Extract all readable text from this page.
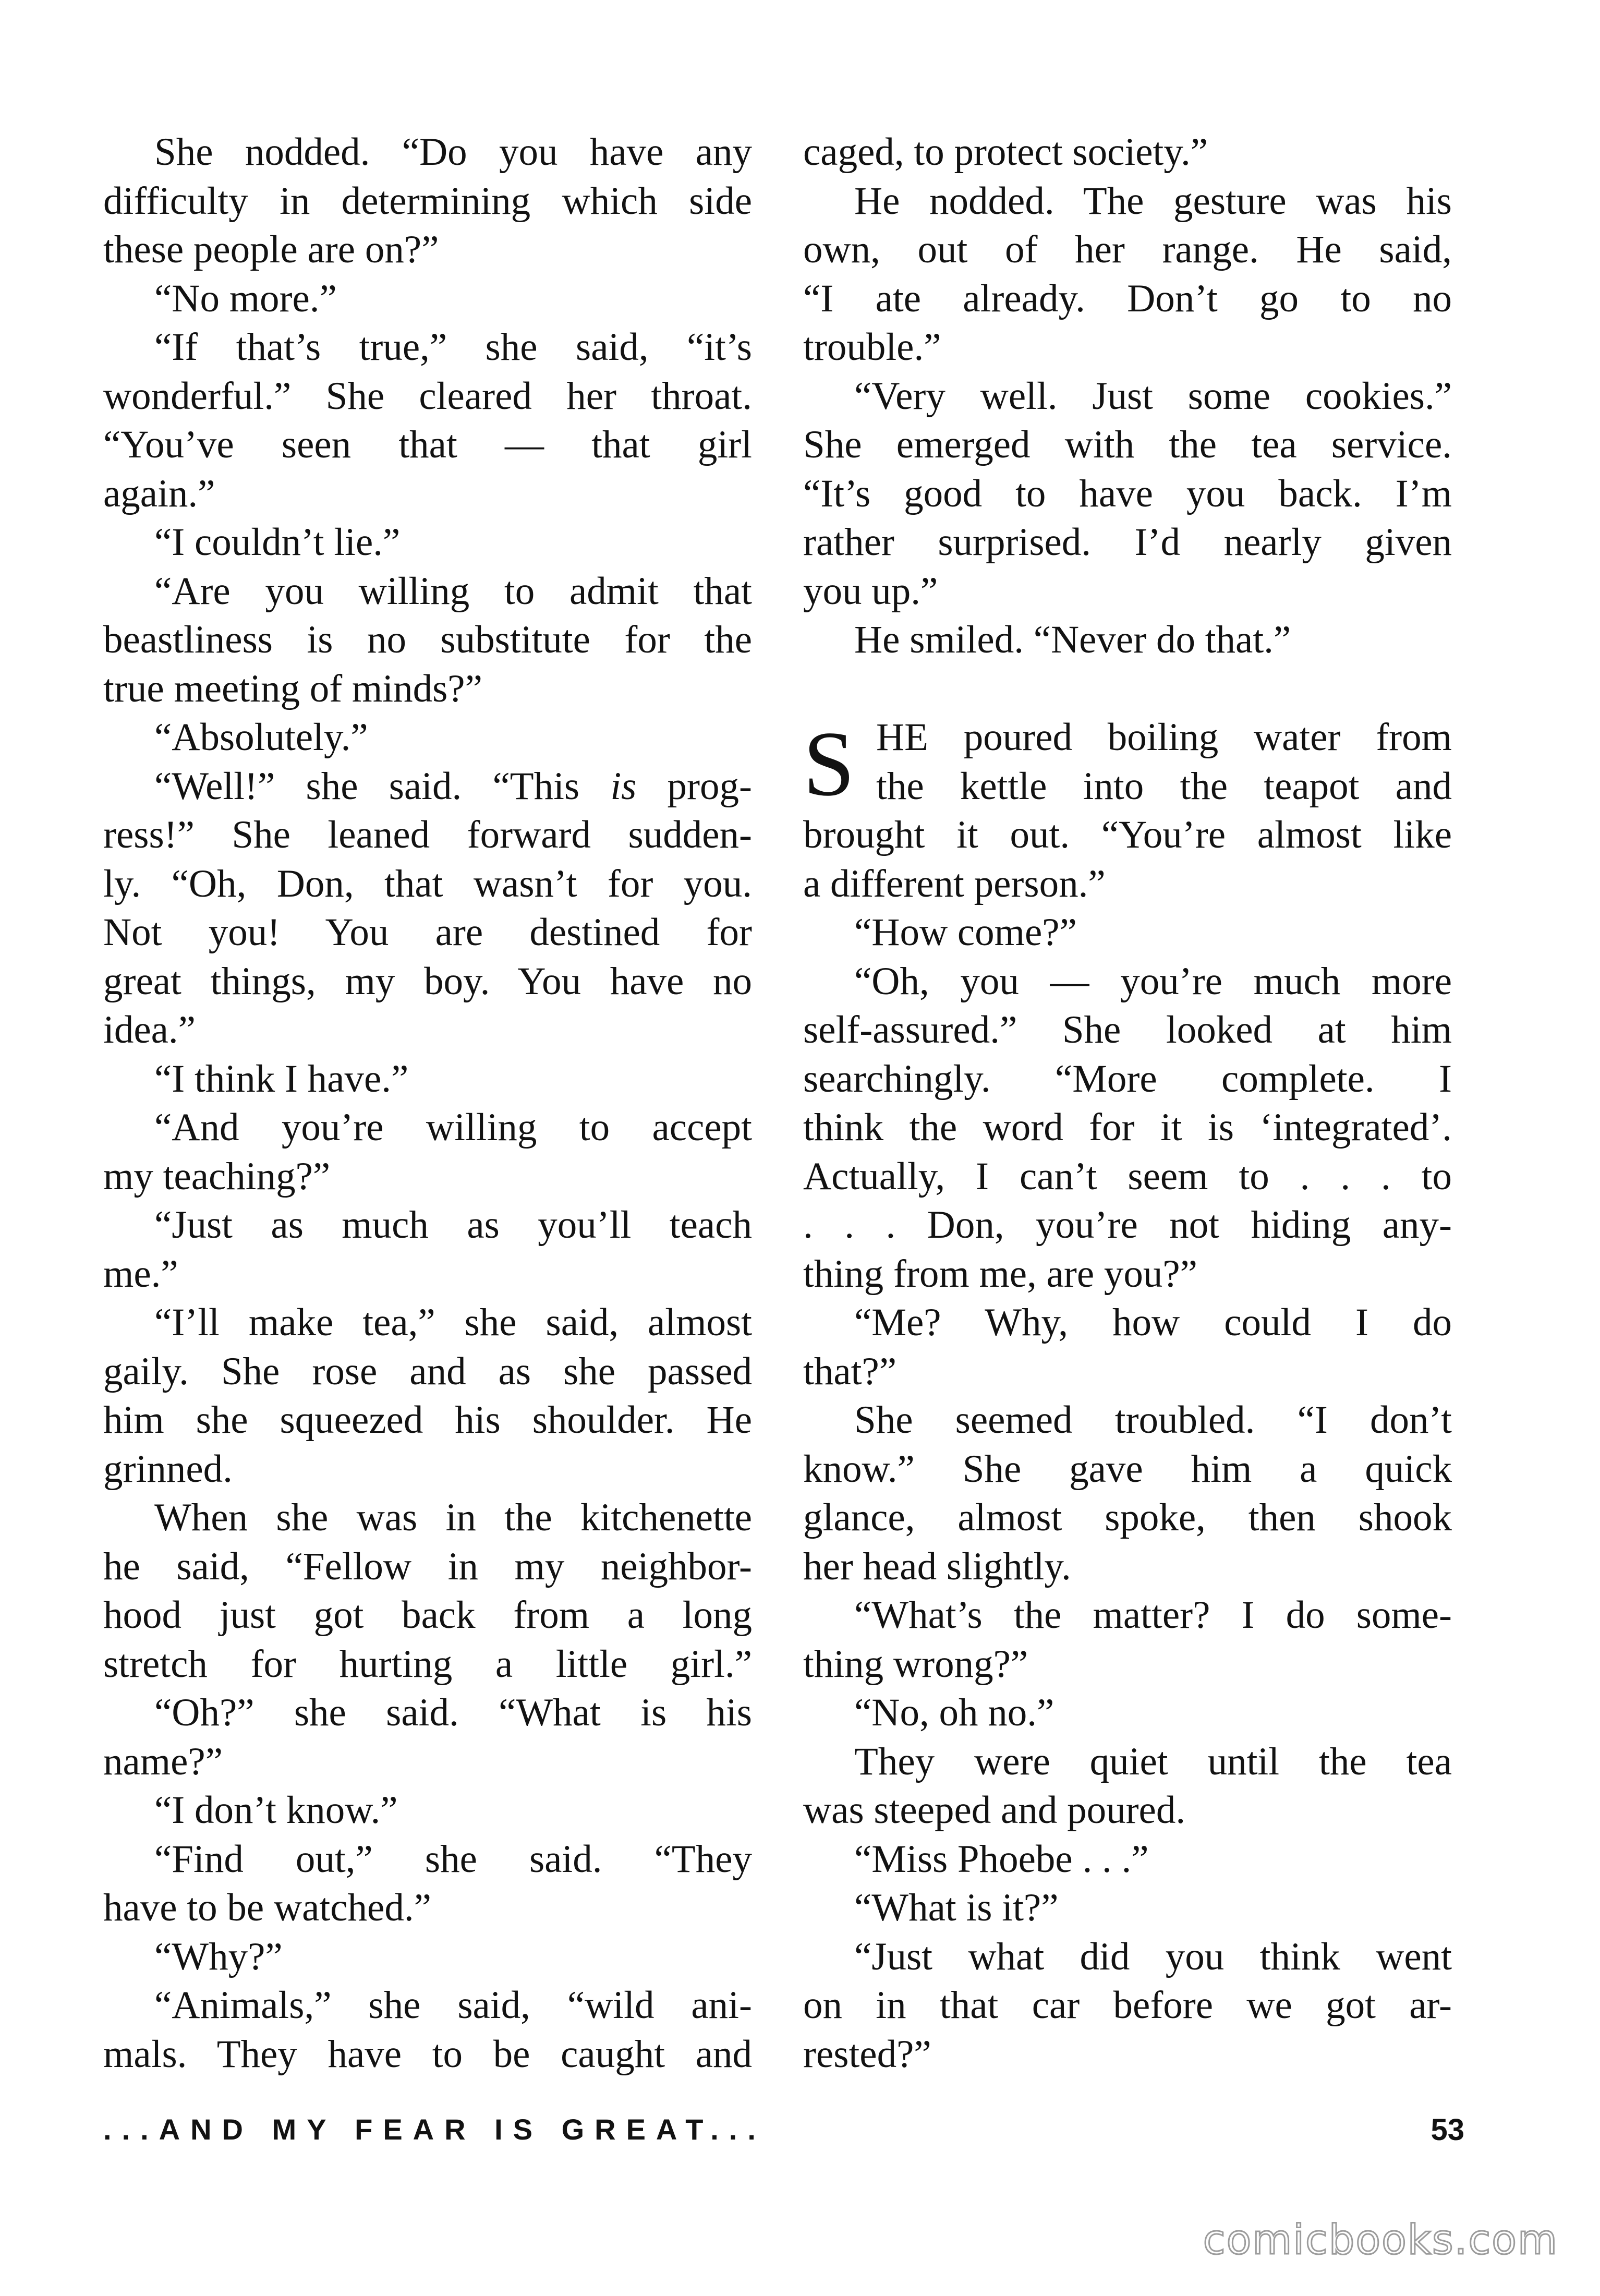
She nodded. “Do you have any
difficulty in determining which side
these people are on?”
“No more.”
“If that’s true,” she said, “it’s
wonderful.” She cleared her throat.
“You’ve seen that — that girl
again.”
“I couldn’t lie.”
“Are you willing to admit that
beastliness is no substitute for the
true meeting of minds?”
“Absolutely.”
“Well!” she said. “This is prog-
ress!” She leaned forward sudden-
ly. “Oh, Don, that wasn’t for you.
Not you! You are destined for
great things, my boy. You have no
idea.”
“I think I have.”
“And you’re willing to accept
my teaching?”
“Just as much as you’ll teach
me.”
“I’ll make tea,” she said, almost
gaily. She rose and as she passed
him she squeezed his shoulder. He
grinned.
When she was in the kitchenette
he said, “Fellow in my neighbor-
hood just got back from a long
stretch for hurting a little girl.”
“Oh?” she said. “What is his
name?”
“I don’t know.”
“Find out,” she said. “They
have to be watched.”
“Why?”
“Animals,” she said, “wild ani-
mals. They have to be caught and
caged, to protect society.”
He nodded. The gesture was his
own, out of her range. He said,
“I ate already. Don’t go to no
trouble.”
“Very well. Just some cookies.”
She emerged with the tea service.
“It’s good to have you back. I’m
rather surprised. I’d nearly given
you up.”
He smiled. “Never do that.”
S HE poured boiling water from
the kettle into the teapot and
brought it out. “You’re almost like
a different person.”
“How come?”
“Oh, you — you’re much more
self-assured.” She looked at him
searchingly. “More complete. I
think the word for it is ‘integrated’.
Actually, I can’t seem to . . . to
. . . Don, you’re not hiding any-
thing from me, are you?”
“Me? Why, how could I do
that?”
She seemed troubled. “I don’t
know.” She gave him a quick
glance, almost spoke, then shook
her head slightly.
“What’s the matter? I do some-
thing wrong?”
“No, oh no.”
They were quiet until the tea
was steeped and poured.
“Miss Phoebe . . .”
“What is it?”
“Just what did you think went
on in that car before we got ar-
rested?”
...AND MY FEAR IS GREAT...	53
comicbooks.com
